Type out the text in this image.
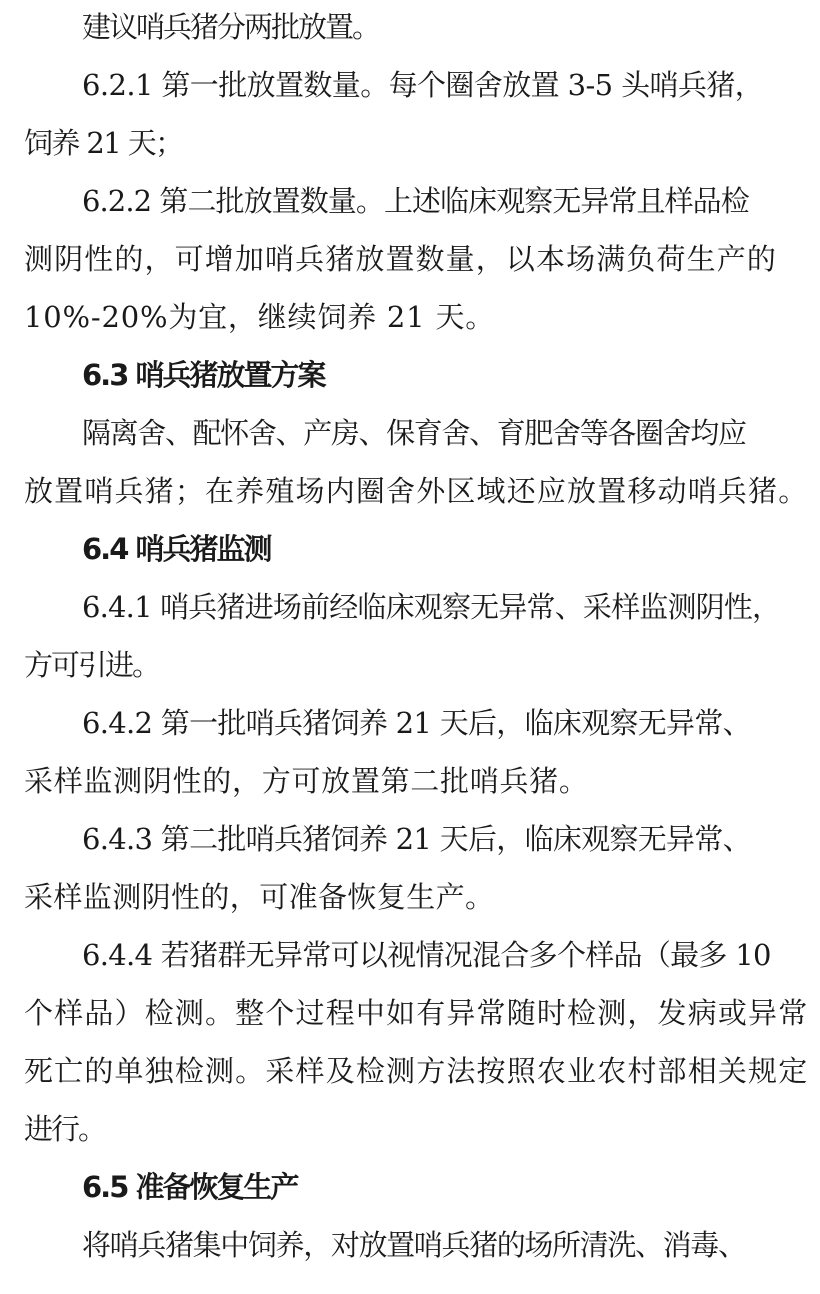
建议哨兵猪分两批放置。
6.2.1 第一批放置数量。每个圈舍放置 3-5 头哨兵猪，
饲养 21 天；
6.2.2 第二批放置数量。上述临床观察无异常且样品检
测阴性的，可增加哨兵猪放置数量，以本场满负荷生产的
10%-20%为宜，继续饲养 21 天。
6.3 哨兵猪放置方案
隔离舍、配怀舍、产房、保育舍、育肥舍等各圈舍均应
放置哨兵猪；在养殖场内圈舍外区域还应放置移动哨兵猪。
6.4 哨兵猪监测
6.4.1 哨兵猪进场前经临床观察无异常、采样监测阴性，
方可引进。
6.4.2 第一批哨兵猪饲养 21 天后，临床观察无异常、
采样监测阴性的，方可放置第二批哨兵猪。
6.4.3 第二批哨兵猪饲养 21 天后，临床观察无异常、
采样监测阴性的，可准备恢复生产。
6.4.4 若猪群无异常可以视情况混合多个样品（最多 10
个样品）检测。整个过程中如有异常随时检测，发病或异常
死亡的单独检测。采样及检测方法按照农业农村部相关规定
进行。
6.5 准备恢复生产
将哨兵猪集中饲养，对放置哨兵猪的场所清洗、消毒、
